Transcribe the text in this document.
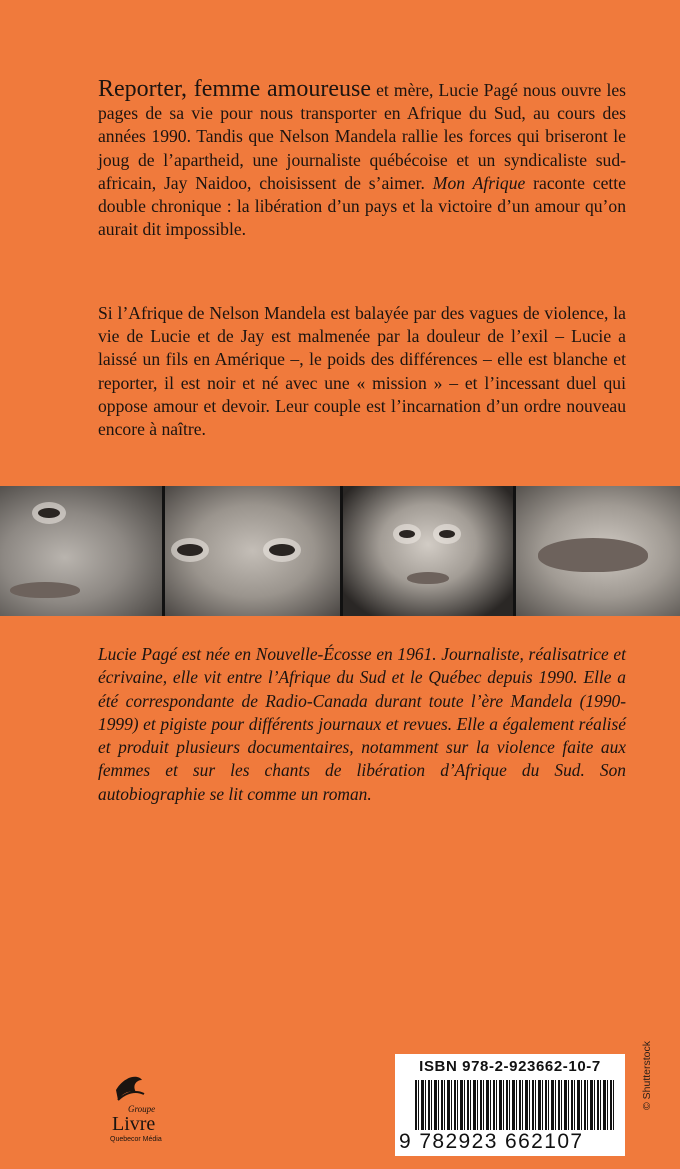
Reporter, femme amoureuse et mère, Lucie Pagé nous ouvre les pages de sa vie pour nous transporter en Afrique du Sud, au cours des années 1990. Tandis que Nelson Mandela rallie les forces qui briseront le joug de l’apartheid, une journaliste québécoise et un syndicaliste sud-africain, Jay Naidoo, choisissent de s’aimer. Mon Afrique raconte cette double chronique : la libération d’un pays et la victoire d’un amour qu’on aurait dit impossible.

Si l’Afrique de Nelson Mandela est balayée par des vagues de violence, la vie de Lucie et de Jay est malmenée par la douleur de l’exil – Lucie a laissé un fils en Amérique –, le poids des différences – elle est blanche et reporter, il est noir et né avec une « mission » – et l’incessant duel qui oppose amour et devoir. Leur couple est l’incarnation d’un ordre nouveau encore à naître.

Lucie Pagé est née en Nouvelle-Écosse en 1961. Journaliste, réalisatrice et écrivaine, elle vit entre l’Afrique du Sud et le Québec depuis 1990. Elle a été correspondante de Radio-Canada durant toute l’ère Mandela (1990-1999) et pigiste pour différents journaux et revues. Elle a également réalisé et produit plusieurs documentaires, notamment sur la violence faite aux femmes et sur les chants de libération d’Afrique du Sud. Son autobiographie se lit comme un roman.

Groupe
Livre
Quebecor Média
ISBN 978-2-923662-10-7
9 782923 662107
© Shutterstock
